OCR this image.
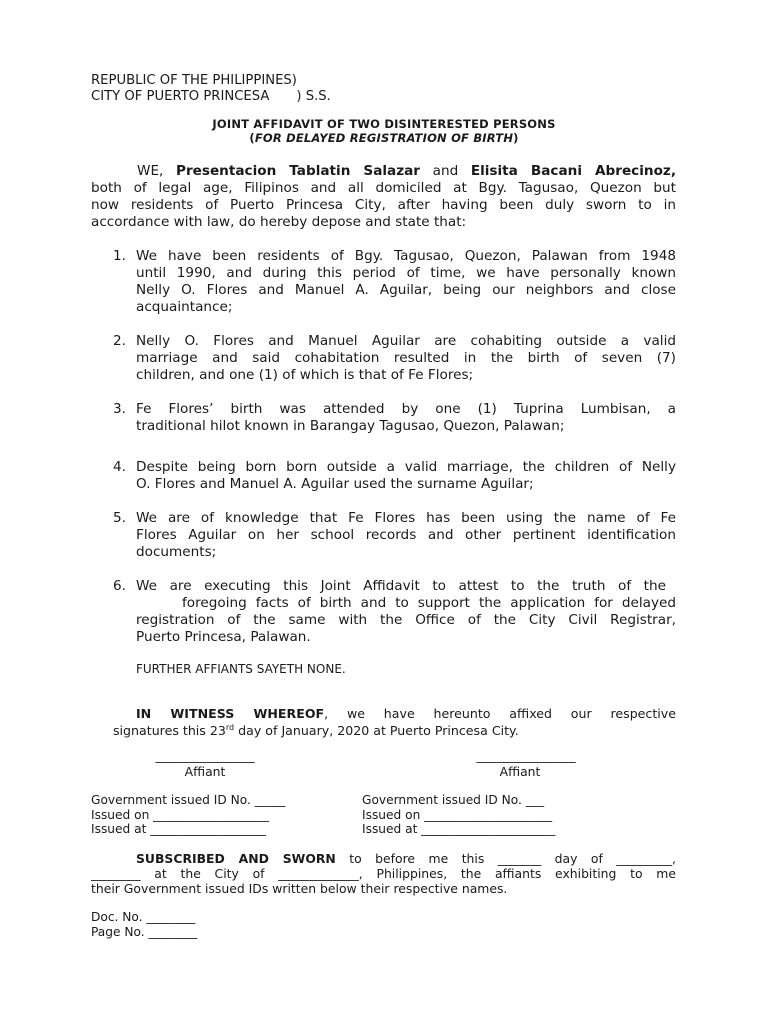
REPUBLIC OF THE PHILIPPINES)
CITY OF PUERTO PRINCESA ) S.S.
JOINT AFFIDAVIT OF TWO DISINTERESTED PERSONS
(FOR DELAYED REGISTRATION OF BIRTH)
WE, Presentacion Tablatin Salazar and Elisita Bacani Abrecinoz,
both of legal age, Filipinos and all domiciled at Bgy. Tagusao, Quezon but
now residents of Puerto Princesa City, after having been duly sworn to in
accordance with law, do hereby depose and state that:
1. We have been residents of Bgy. Tagusao, Quezon, Palawan from 1948
until 1990, and during this period of time, we have personally known
Nelly O. Flores and Manuel A. Aguilar, being our neighbors and close
acquaintance;
2. Nelly O. Flores and Manuel Aguilar are cohabiting outside a valid
marriage and said cohabitation resulted in the birth of seven (7)
children, and one (1) of which is that of Fe Flores;
3. Fe Flores’ birth was attended by one (1) Tuprina Lumbisan, a
traditional hilot known in Barangay Tagusao, Quezon, Palawan;
4. Despite being born born outside a valid marriage, the children of Nelly
O. Flores and Manuel A. Aguilar used the surname Aguilar;
5. We are of knowledge that Fe Flores has been using the name of Fe
Flores Aguilar on her school records and other pertinent identification
documents;
6. We are executing this Joint Affidavit to attest to the truth of the
foregoing facts of birth and to support the application for delayed
registration of the same with the Office of the City Civil Registrar,
Puerto Princesa, Palawan.
FURTHER AFFIANTS SAYETH NONE.
IN WITNESS WHEREOF, we have hereunto affixed our respective
signatures this 23rd day of January, 2020 at Puerto Princesa City.
________________
Affiant
________________
Affiant
Government issued ID No. _____
Issued on ___________________
Issued at ___________________
Government issued ID No. ___
Issued on _____________________
Issued at ______________________
SUBSCRIBED AND SWORN to before me this _______ day of _________,
________ at the City of _____________, Philippines, the affiants exhibiting to me
their Government issued IDs written below their respective names.
Doc. No. ________
Page No. ________
